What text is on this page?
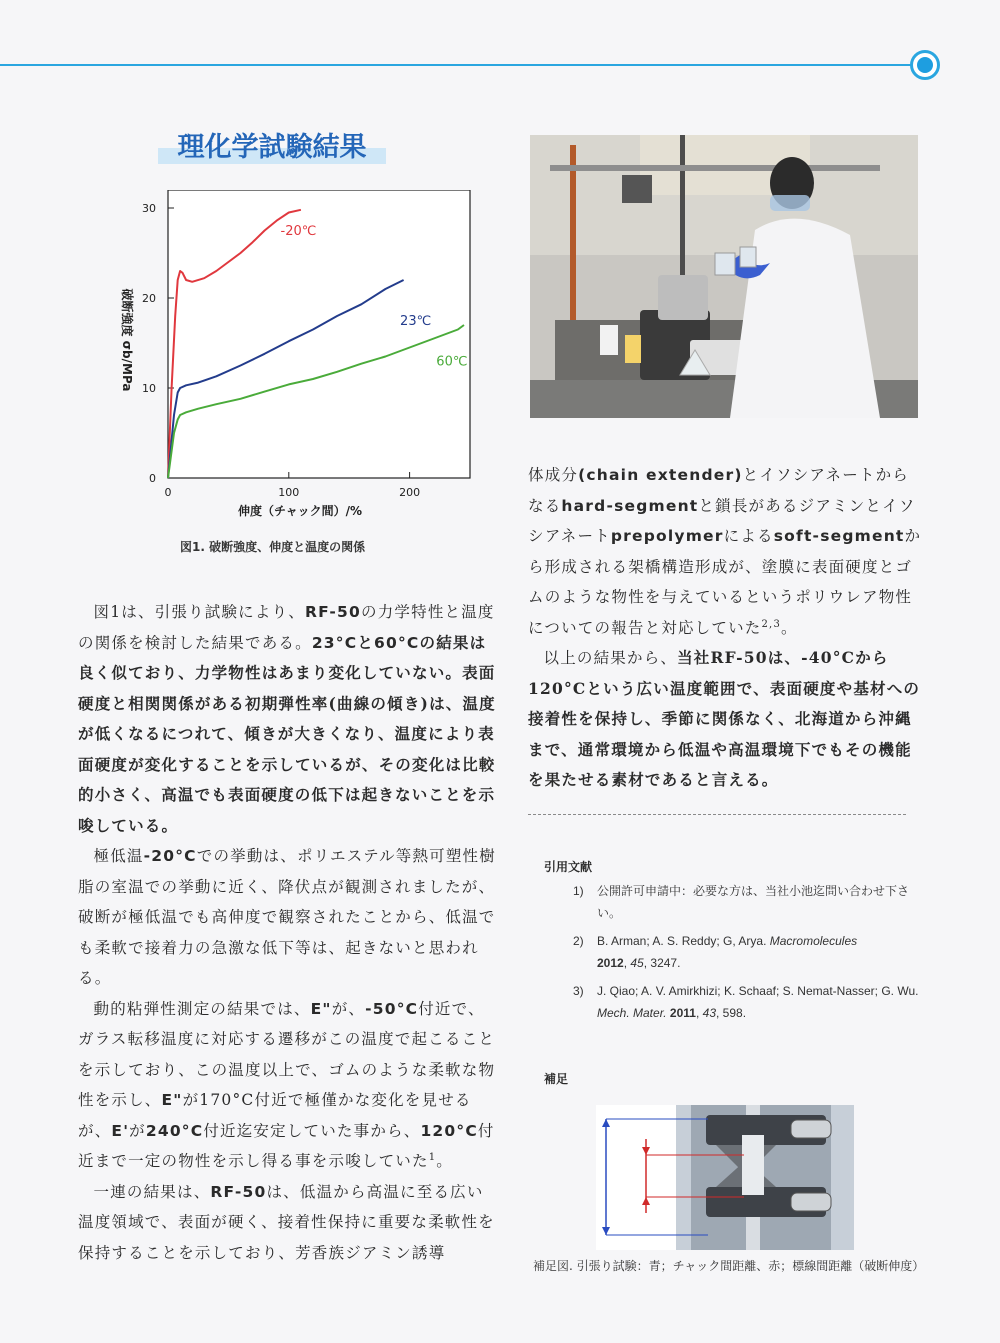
理化学試験結果
0	100	200
0
10
20
30
-20℃
23℃
60℃
伸度（チャック間）/%
破断強度 σb/MPa
図1. 破断強度、伸度と温度の関係

図1は、引張り試験により、RF-50の力学特性と温度の関係を検討した結果である。23°Cと60°Cの結果は良く似ており、力学物性はあまり変化していない。表面硬度と相関関係がある初期弾性率(曲線の傾き)は、温度が低くなるにつれて、傾きが大きくなり、温度により表面硬度が変化することを示しているが、その変化は比較的小さく、高温でも表面硬度の低下は起きないことを示唆している。

極低温-20°Cでの挙動は、ポリエステル等熱可塑性樹脂の室温での挙動に近く、降伏点が観測されましたが、破断が極低温でも高伸度で観察されたことから、低温でも柔軟で接着力の急激な低下等は、起きないと思われる。

動的粘弾性測定の結果では、E"が、-50°C付近で、ガラス転移温度に対応する遷移がこの温度で起こることを示しており、この温度以上で、ゴムのような柔軟な物性を示し、E"が170°C付近で極僅かな変化を見せるが、E'が240°C付近迄安定していた事から、120°C付近まで一定の物性を示し得る事を示唆していた$^1$。

一連の結果は、RF-50は、低温から高温に至る広い温度領域で、表面が硬く、接着性保持に重要な柔軟性を保持することを示しており、芳香族ジアミン誘導

体成分(chain extender)とイソシアネートからなるhard-segmentと鎖長があるジアミンとイソシアネートprepolymerによるsoft-segmentから形成される架橋構造形成が、塗膜に表面硬度とゴムのような物性を与えているというポリウレア物性についての報告と対応していた$^{2,3}$。

以上の結果から、当社RF-50は、-40°Cから120°Cという広い温度範囲で、表面硬度や基材への接着性を保持し、季節に関係なく、北海道から沖縄まで、通常環境から低温や高温環境下でもその機能を果たせる素材であると言える。

引用文献
1) 公開許可申請中：必要な方は、当社小池迄問い合わせ下さい。
2) B. Arman; A. S. Reddy; G, Arya. Macromolecules
2012, 45, 3247.
3) J. Qiao; A. V. Amirkhizi; K. Schaaf; S. Nemat-Nasser; G. Wu. Mech. Mater. 2011, 43, 598.
補足
補足図. 引張り試験：青；チャック間距離、赤；標線間距離（破断伸度）
